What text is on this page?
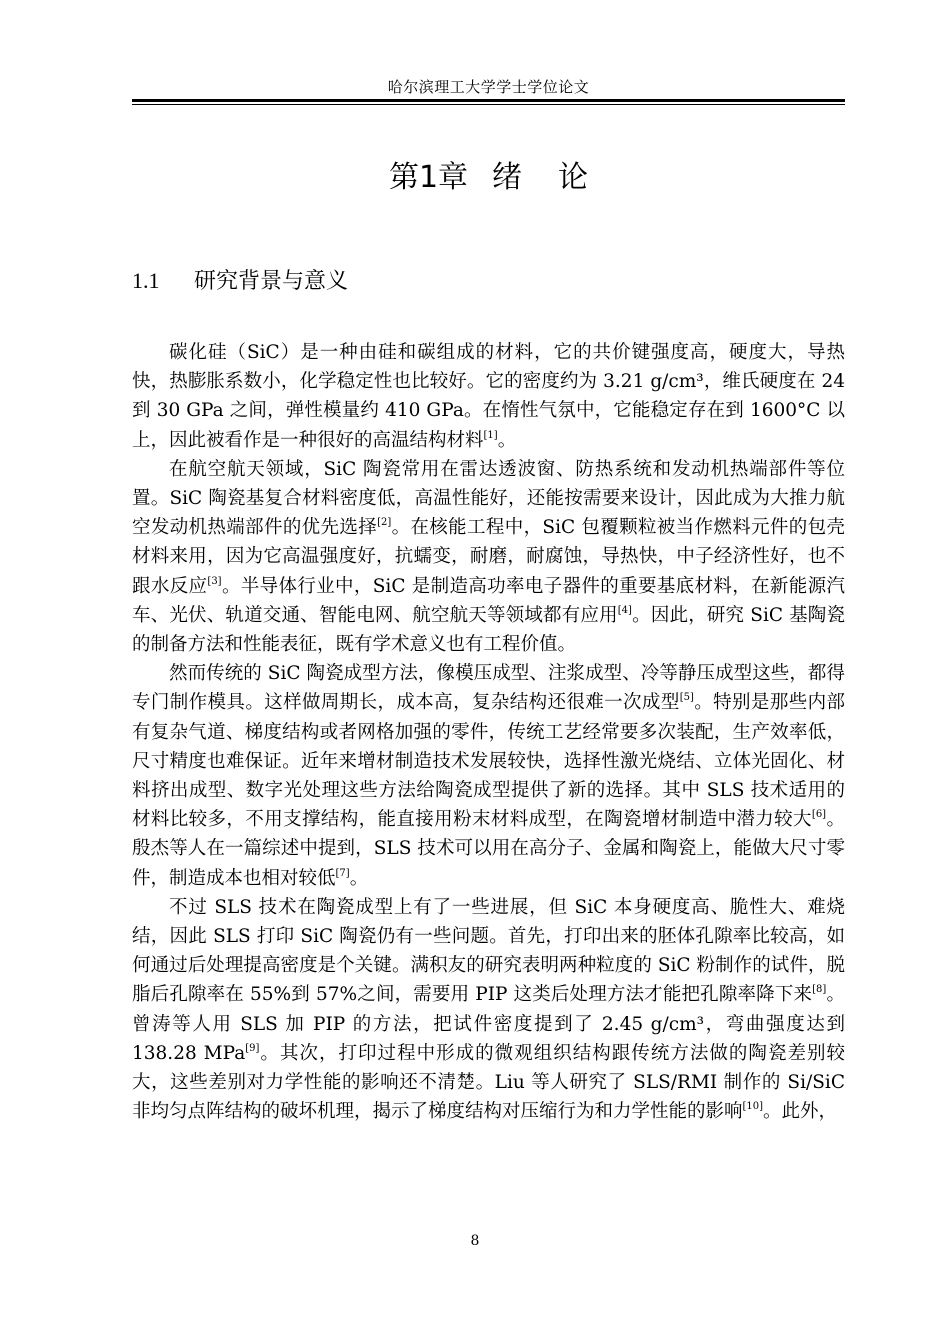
哈尔滨理工大学学士学位论文
第1章 绪 论
1.1 研究背景与意义

碳化硅（SiC）是一种由硅和碳组成的材料，它的共价键强度高，硬度大，导热快，热膨胀系数小，化学稳定性也比较好。它的密度约为 3.21 g/cm³，维氏硬度在 24 到 30 GPa 之间，弹性模量约 410 GPa。在惰性气氛中，它能稳定存在到 1600°C 以上，因此被看作是一种很好的高温结构材料[1]。

在航空航天领域，SiC 陶瓷常用在雷达透波窗、防热系统和发动机热端部件等位置。SiC 陶瓷基复合材料密度低，高温性能好，还能按需要来设计，因此成为大推力航空发动机热端部件的优先选择[2]。在核能工程中，SiC 包覆颗粒被当作燃料元件的包壳材料来用，因为它高温强度好，抗蠕变，耐磨，耐腐蚀，导热快，中子经济性好，也不跟水反应[3]。半导体行业中，SiC 是制造高功率电子器件的重要基底材料，在新能源汽车、光伏、轨道交通、智能电网、航空航天等领域都有应用[4]。因此，研究 SiC 基陶瓷的制备方法和性能表征，既有学术意义也有工程价值。

然而传统的 SiC 陶瓷成型方法，像模压成型、注浆成型、冷等静压成型这些，都得专门制作模具。这样做周期长，成本高，复杂结构还很难一次成型[5]。特别是那些内部有复杂气道、梯度结构或者网格加强的零件，传统工艺经常要多次装配，生产效率低，尺寸精度也难保证。近年来增材制造技术发展较快，选择性激光烧结、立体光固化、材料挤出成型、数字光处理这些方法给陶瓷成型提供了新的选择。其中 SLS 技术适用的材料比较多，不用支撑结构，能直接用粉末材料成型，在陶瓷增材制造中潜力较大[6]。殷杰等人在一篇综述中提到，SLS 技术可以用在高分子、金属和陶瓷上，能做大尺寸零件，制造成本也相对较低[7]。

不过 SLS 技术在陶瓷成型上有了一些进展，但 SiC 本身硬度高、脆性大、难烧结，因此 SLS 打印 SiC 陶瓷仍有一些问题。首先，打印出来的胚体孔隙率比较高，如何通过后处理提高密度是个关键。满积友的研究表明两种粒度的 SiC 粉制作的试件，脱脂后孔隙率在 55%到 57%之间，需要用 PIP 这类后处理方法才能把孔隙率降下来[8]。曾涛等人用 SLS 加 PIP 的方法，把试件密度提到了 2.45 g/cm³，弯曲强度达到 138.28 MPa[9]。其次，打印过程中形成的微观组织结构跟传统方法做的陶瓷差别较大，这些差别对力学性能的影响还不清楚。Liu 等人研究了 SLS/RMI 制作的 Si/SiC 非均匀点阵结构的破坏机理，揭示了梯度结构对压缩行为和力学性能的影响[10]。此外，

8
